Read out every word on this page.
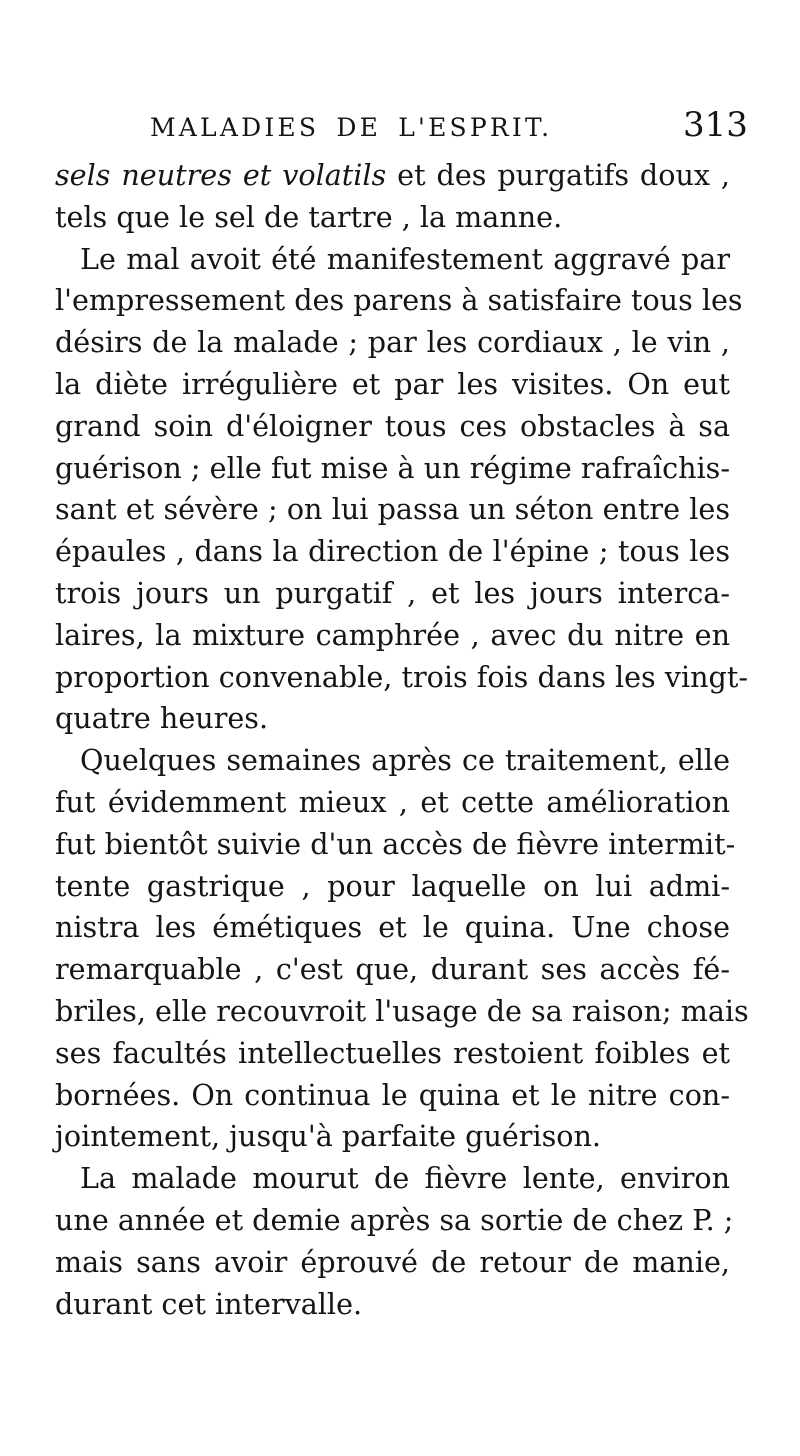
MALADIES DE L'ESPRIT.	313
sels neutres et volatils et des purgatifs doux ,
tels que le sel de tartre , la manne.
Le mal avoit été manifestement aggravé par
l'empressement des parens à satisfaire tous les
désirs de la malade ; par les cordiaux , le vin ,
la diète irrégulière et par les visites. On eut
grand soin d'éloigner tous ces obstacles à sa
guérison ; elle fut mise à un régime rafraîchis-
sant et sévère ; on lui passa un séton entre les
épaules , dans la direction de l'épine ; tous les
trois jours un purgatif , et les jours interca-
laires, la mixture camphrée , avec du nitre en
proportion convenable, trois fois dans les vingt-
quatre heures.
Quelques semaines après ce traitement, elle
fut évidemment mieux , et cette amélioration
fut bientôt suivie d'un accès de fièvre intermit-
tente gastrique , pour laquelle on lui admi-
nistra les émétiques et le quina. Une chose
remarquable , c'est que, durant ses accès fé-
briles, elle recouvroit l'usage de sa raison; mais
ses facultés intellectuelles restoient foibles et
bornées. On continua le quina et le nitre con-
jointement, jusqu'à parfaite guérison.
La malade mourut de fièvre lente, environ
une année et demie après sa sortie de chez P. ;
mais sans avoir éprouvé de retour de manie,
durant cet intervalle.
